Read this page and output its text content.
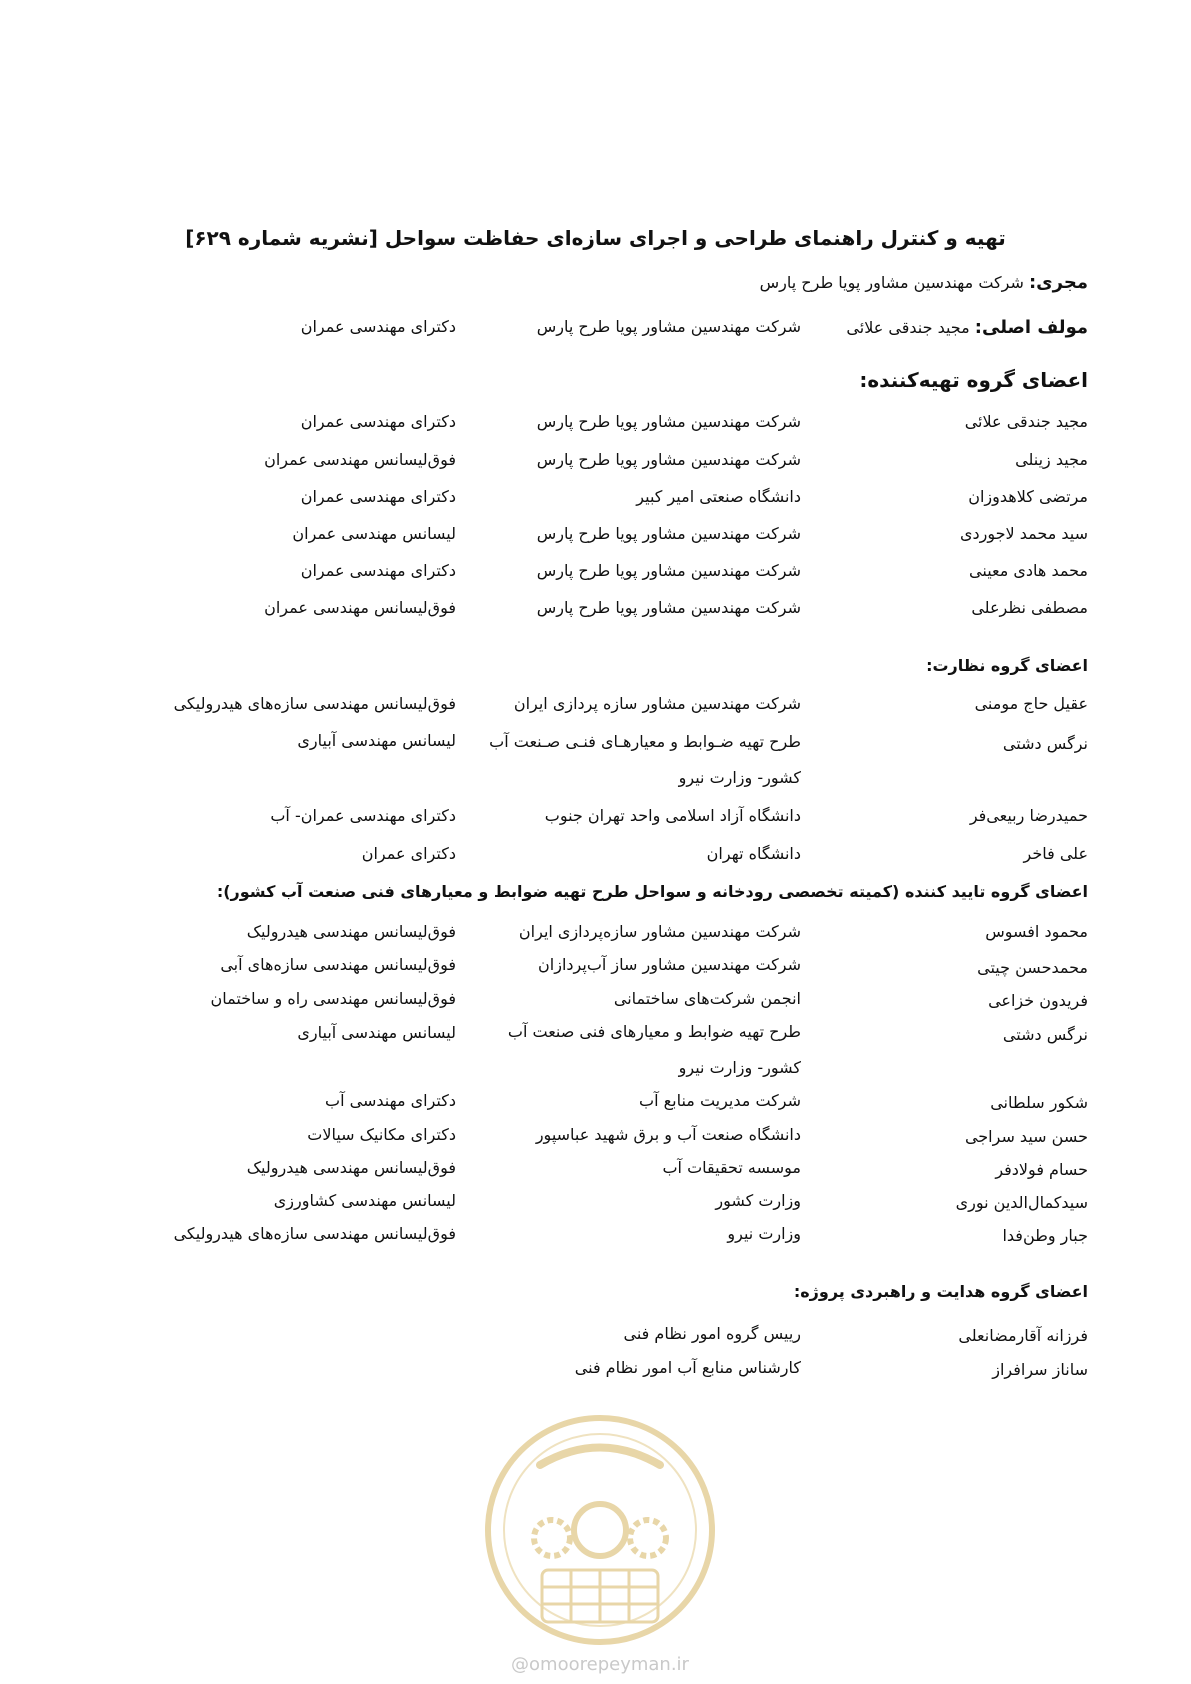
تهیه و کنترل راهنمای طراحی و اجرای سازه‌ای حفاظت سواحل [نشریه شماره ۶۲۹]
مجری: شرکت مهندسین مشاور پویا طرح پارس
مولف اصلی: مجید جندقی علائی
شرکت مهندسین مشاور پویا طرح پارس
دکترای مهندسی عمران
اعضای گروه تهیه‌کننده:
مجید جندقی علائی
شرکت مهندسین مشاور پویا طرح پارس
دکترای مهندسی عمران
مجید زینلی
شرکت مهندسین مشاور پویا طرح پارس
فوق‌لیسانس مهندسی عمران
مرتضی کلاهدوزان
دانشگاه صنعتی امیر کبیر
دکترای مهندسی عمران
سید محمد لاجوردی
شرکت مهندسین مشاور پویا طرح پارس
لیسانس مهندسی عمران
محمد هادی معینی
شرکت مهندسین مشاور پویا طرح پارس
دکترای مهندسی عمران
مصطفی نظرعلی
شرکت مهندسین مشاور پویا طرح پارس
فوق‌لیسانس مهندسی عمران
اعضای گروه نظارت:
عقیل حاج مومنی
شرکت مهندسین مشاور سازه پردازی ایران
فوق‌لیسانس مهندسی سازه‌های هیدرولیکی
نرگس دشتی
طرح تهیه ضـوابط و معیارهـای فنـی صـنعت آب کشور- وزارت نیرو
لیسانس مهندسی آبیاری
حمیدرضا ربیعی‌فر
دانشگاه آزاد اسلامی واحد تهران جنوب
دکترای مهندسی عمران- آب
علی فاخر
دانشگاه تهران
دکترای عمران
اعضای گروه تایید کننده (کمیته تخصصی رودخانه و سواحل طرح تهیه ضوابط و معیارهای فنی صنعت آب کشور):
محمود افسوس
شرکت مهندسین مشاور سازه‌پردازی ایران
فوق‌لیسانس مهندسی هیدرولیک
محمدحسن چیتی
شرکت مهندسین مشاور ساز آب‌پردازان
فوق‌لیسانس مهندسی سازه‌های آبی
فریدون خزاعی
انجمن شرکت‌های ساختمانی
فوق‌لیسانس مهندسی راه و ساختمان
نرگس دشتی
طرح تهیه ضوابط و معیارهای فنی صنعت آب کشور- وزارت نیرو
لیسانس مهندسی آبیاری
شکور سلطانی
شرکت مدیریت منابع آب
دکترای مهندسی آب
حسن سید سراجی
دانشگاه صنعت آب و برق شهید عباسپور
دکترای مکانیک سیالات
حسام فولادفر
موسسه تحقیقات آب
فوق‌لیسانس مهندسی هیدرولیک
سیدکمال‌الدین نوری
وزارت کشور
لیسانس مهندسی کشاورزی
جبار وطن‌فدا
وزارت نیرو
فوق‌لیسانس مهندسی سازه‌های هیدرولیکی
اعضای گروه هدایت و راهبردی پروژه:
فرزانه آقارمضانعلی
رییس گروه امور نظام فنی
ساناز سرافراز
کارشناس منابع آب امور نظام فنی
@omoorepeyman.ir
